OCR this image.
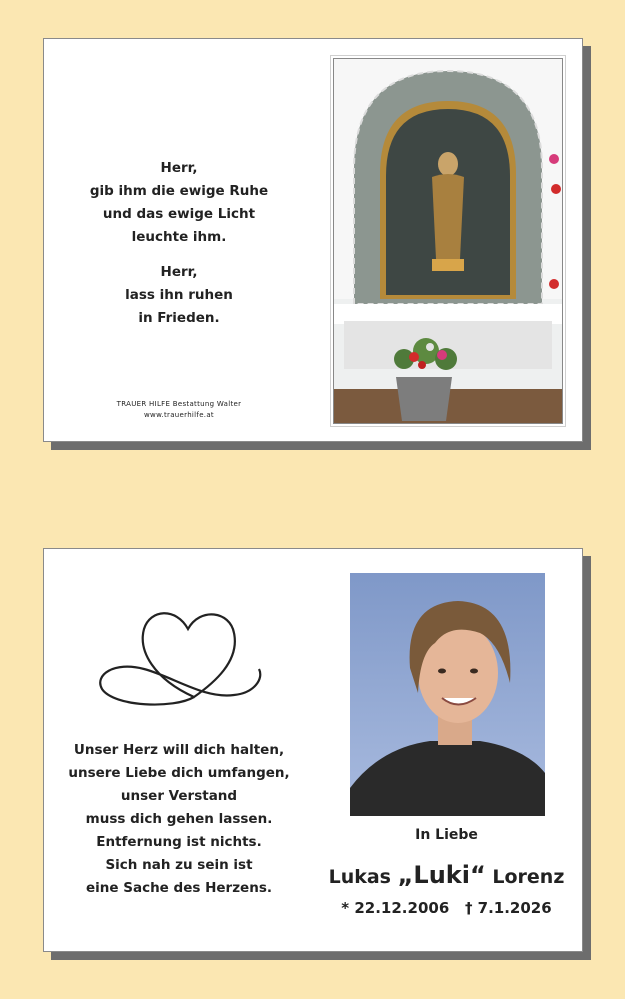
Herr,
gib ihm die ewige Ruhe
und das ewige Licht
leuchte ihm.
Herr,
lass ihn ruhen
in Frieden.
TRAUER HILFE Bestattung Walter
www.trauerhilfe.at
Unser Herz will dich halten,
unsere Liebe dich umfangen,
unser Verstand
muss dich gehen lassen.
Entfernung ist nichts.
Sich nah zu sein ist
eine Sache des Herzens.
In Liebe
Lukas „Luki“ Lorenz
* 22.12.2006 † 7.1.2026
